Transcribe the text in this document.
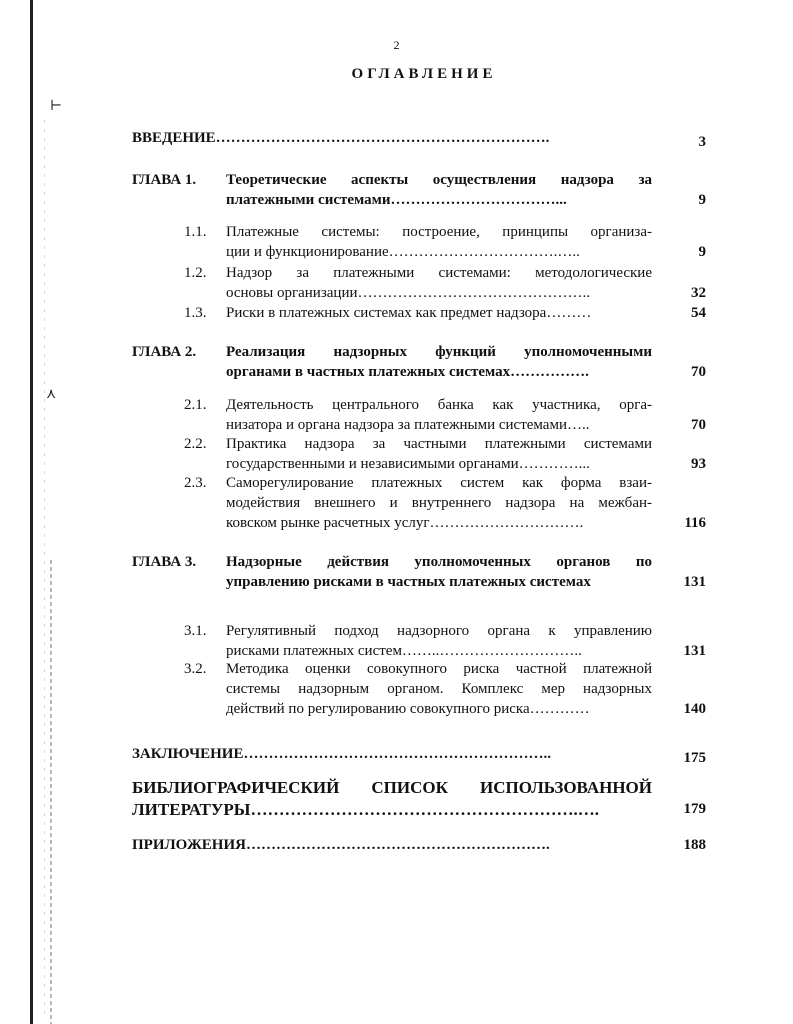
⊢
⋏
2
ОГЛАВЛЕНИЕ
ВВЕДЕНИЕ………………………………………………………….	3
ГЛАВА 1. Теоретические аспекты осуществления надзора за
платежными системами……………………………...	9
1.1. Платежные системы: построение, принципы организа-
ции и функционирование…………………………….…..	9
1.2. Надзор за платежными системами: методологические
основы организации………………………………………..	32
1.3. Риски в платежных системах как предмет надзора………	54
ГЛАВА 2. Реализация надзорных функций уполномоченными
органами в частных платежных системах…………….	70
2.1. Деятельность центрального банка как участника, орга-
низатора и органа надзора за платежными системами…..	70
2.2. Практика надзора за частными платежными системами
государственными и независимыми органами…………...	93
2.3. Саморегулирование платежных систем как форма взаи-
модействия внешнего и внутреннего надзора на межбан-
ковском рынке расчетных услуг………………………….	116
ГЛАВА 3. Надзорные действия уполномоченных органов по
управлению рисками в частных платежных системах	131
3.1. Регулятивный подход надзорного органа к управлению
рисками платежных систем……..………………………..	131
3.2. Методика оценки совокупного риска частной платежной
системы надзорным органом. Комплекс мер надзорных
действий по регулированию совокупного риска…………	140
ЗАКЛЮЧЕНИЕ……………………………………………………..	175
БИБЛИОГРАФИЧЕСКИЙ СПИСОК ИСПОЛЬЗОВАННОЙ
ЛИТЕРАТУРЫ………………………………………………….….	179
ПРИЛОЖЕНИЯ…………………………………………………….	188
